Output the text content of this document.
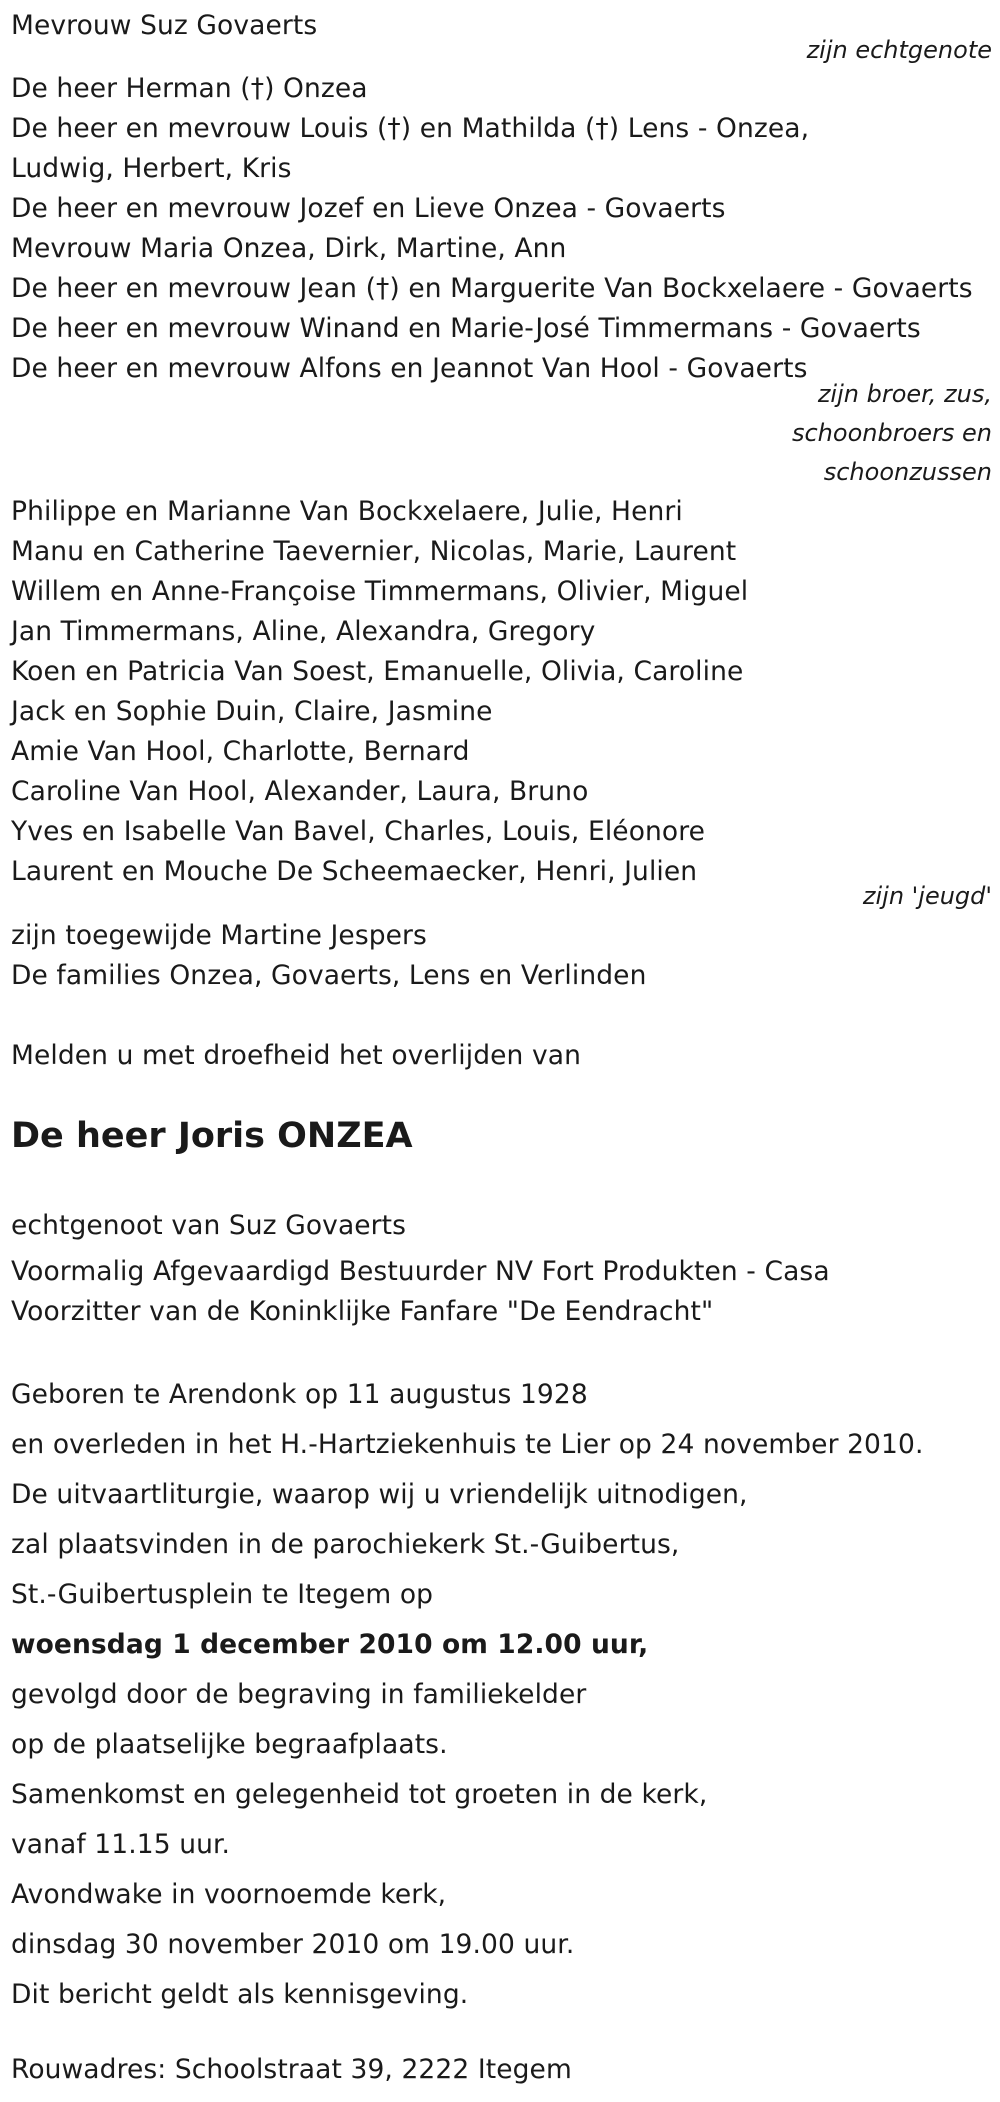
Mevrouw Suz Govaerts
zijn echtgenote
De heer Herman (†) Onzea
De heer en mevrouw Louis (†) en Mathilda (†) Lens - Onzea,
Ludwig, Herbert, Kris
De heer en mevrouw Jozef en Lieve Onzea - Govaerts
Mevrouw Maria Onzea, Dirk, Martine, Ann
De heer en mevrouw Jean (†) en Marguerite Van Bockxelaere - Govaerts
De heer en mevrouw Winand en Marie-José Timmermans - Govaerts
De heer en mevrouw Alfons en Jeannot Van Hool - Govaerts
zijn broer, zus,
schoonbroers en
schoonzussen
Philippe en Marianne Van Bockxelaere, Julie, Henri
Manu en Catherine Taevernier, Nicolas, Marie, Laurent
Willem en Anne-Françoise Timmermans, Olivier, Miguel
Jan Timmermans, Aline, Alexandra, Gregory
Koen en Patricia Van Soest, Emanuelle, Olivia, Caroline
Jack en Sophie Duin, Claire, Jasmine
Amie Van Hool, Charlotte, Bernard
Caroline Van Hool, Alexander, Laura, Bruno
Yves en Isabelle Van Bavel, Charles, Louis, Eléonore
Laurent en Mouche De Scheemaecker, Henri, Julien
zijn 'jeugd'
zijn toegewijde Martine Jespers
De families Onzea, Govaerts, Lens en Verlinden
Melden u met droefheid het overlijden van
De heer Joris ONZEA
echtgenoot van Suz Govaerts
Voormalig Afgevaardigd Bestuurder NV Fort Produkten - Casa
Voorzitter van de Koninklijke Fanfare "De Eendracht"
Geboren te Arendonk op 11 augustus 1928
en overleden in het H.-Hartziekenhuis te Lier op 24 november 2010.
De uitvaartliturgie, waarop wij u vriendelijk uitnodigen,
zal plaatsvinden in de parochiekerk St.-Guibertus,
St.-Guibertusplein te Itegem op
woensdag 1 december 2010 om 12.00 uur,
gevolgd door de begraving in familiekelder
op de plaatselijke begraafplaats.
Samenkomst en gelegenheid tot groeten in de kerk,
vanaf 11.15 uur.
Avondwake in voornoemde kerk,
dinsdag 30 november 2010 om 19.00 uur.
Dit bericht geldt als kennisgeving.
Rouwadres: Schoolstraat 39, 2222 Itegem
